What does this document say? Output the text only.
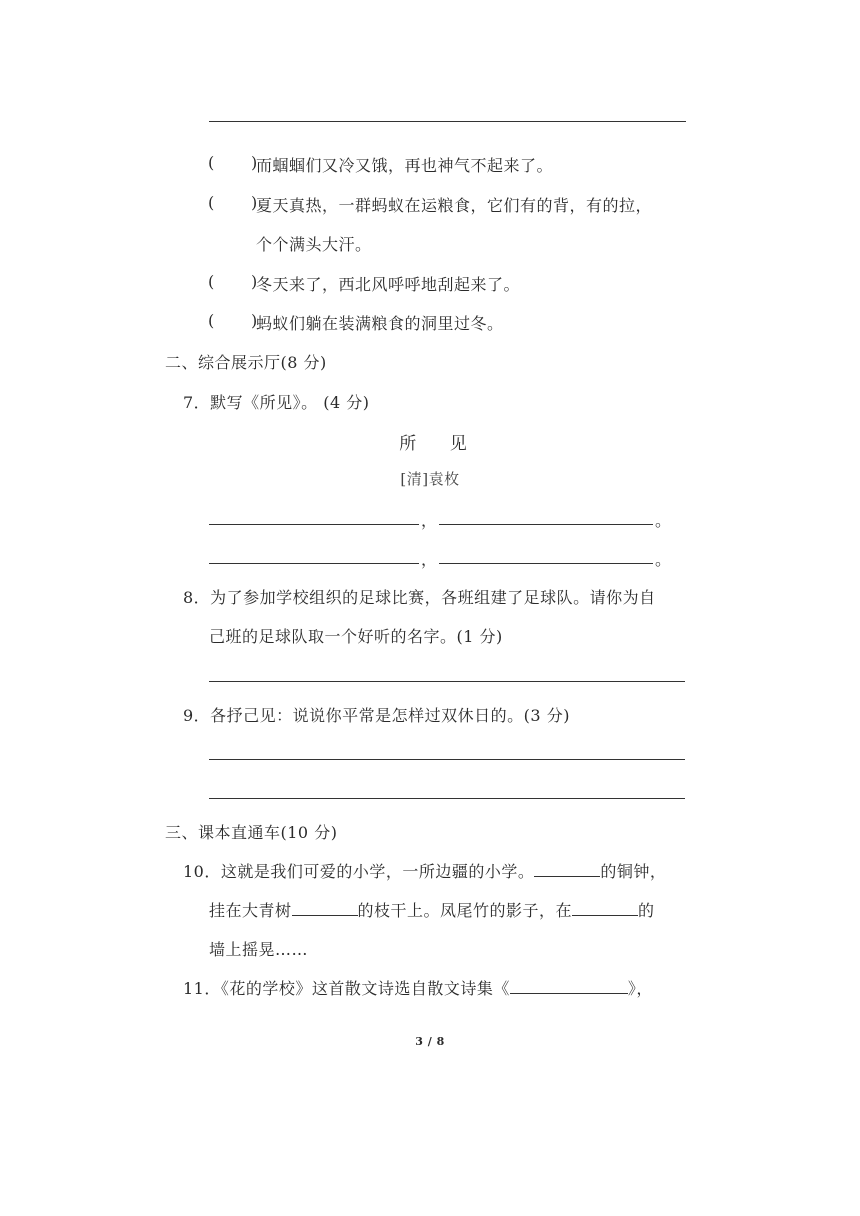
( )
而蝈蝈们又冷又饿，再也神气不起来了。
( )
夏天真热，一群蚂蚁在运粮食，它们有的背，有的拉，
个个满头大汗。
( )
冬天来了，西北风呼呼地刮起来了。
( )
蚂蚁们躺在装满粮食的洞里过冬。
二、综合展示厅(8 分)
7．默写《所见》。 (4 分)
所 见
[清]袁枚
，	。
，	。
8．为了参加学校组织的足球比赛，各班组建了足球队。请你为自
己班的足球队取一个好听的名字。(1 分)
9．各抒己见：说说你平常是怎样过双休日的。(3 分)
三、课本直通车(10 分)
10．这就是我们可爱的小学，一所边疆的小学。	的铜钟，
挂在大青树	的枝干上。凤尾竹的影子，在	的
墙上摇晃……
11．《花的学校》这首散文诗选自散文诗集《	》，
3 / 8
